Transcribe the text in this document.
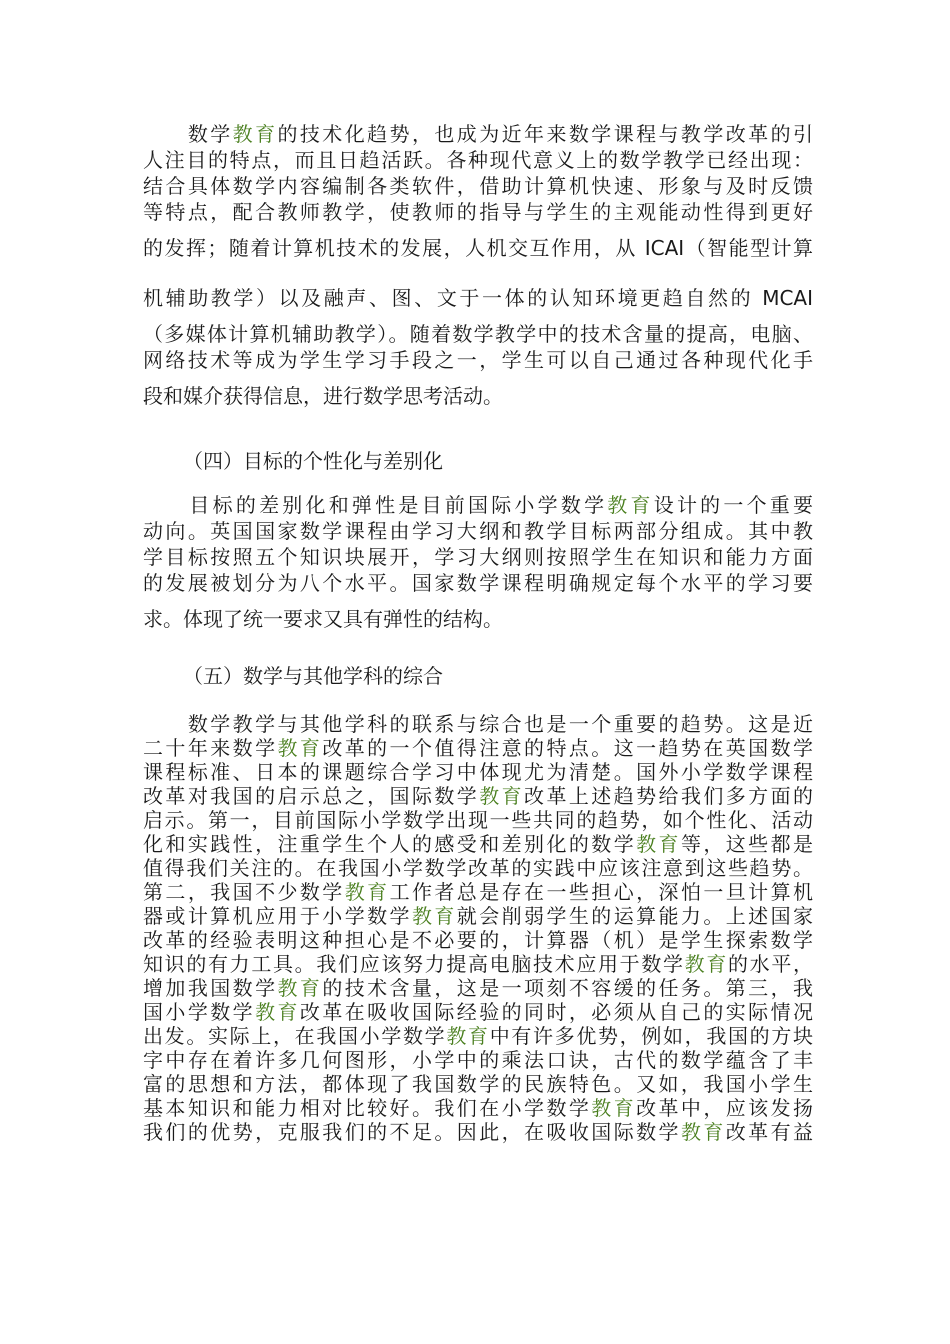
　　数学教育的技术化趋势，也成为近年来数学课程与教学改革的引
人注目的特点，而且日趋活跃。各种现代意义上的数学教学已经出现：
结合具体数学内容编制各类软件，借助计算机快速、形象与及时反馈
等特点，配合教师教学，使教师的指导与学生的主观能动性得到更好
的发挥；随着计算机技术的发展，人机交互作用，从 ICAI（智能型计算
机辅助教学）以及融声、图、文于一体的认知环境更趋自然的 MCAI
（多媒体计算机辅助教学）。随着数学教学中的技术含量的提高，电脑、
网络技术等成为学生学习手段之一，学生可以自己通过各种现代化手
段和媒介获得信息，进行数学思考活动。

（四）目标的个性化与差别化

　　目标的差别化和弹性是目前国际小学数学教育设计的一个重要
动向。英国国家数学课程由学习大纲和教学目标两部分组成。其中教
学目标按照五个知识块展开，学习大纲则按照学生在知识和能力方面
的发展被划分为八个水平。国家数学课程明确规定每个水平的学习要
求。体现了统一要求又具有弹性的结构。

（五）数学与其他学科的综合

　　数学教学与其他学科的联系与综合也是一个重要的趋势。这是近
二十年来数学教育改革的一个值得注意的特点。这一趋势在英国数学
课程标准、日本的课题综合学习中体现尤为清楚。国外小学数学课程
改革对我国的启示总之，国际数学教育改革上述趋势给我们多方面的
启示。第一，目前国际小学数学出现一些共同的趋势，如个性化、活动
化和实践性，注重学生个人的感受和差别化的数学教育等，这些都是
值得我们关注的。在我国小学数学改革的实践中应该注意到这些趋势。
第二，我国不少数学教育工作者总是存在一些担心，深怕一旦计算机
器或计算机应用于小学数学教育就会削弱学生的运算能力。上述国家
改革的经验表明这种担心是不必要的，计算器（机）是学生探索数学
知识的有力工具。我们应该努力提高电脑技术应用于数学教育的水平，
增加我国数学教育的技术含量，这是一项刻不容缓的任务。第三，我
国小学数学教育改革在吸收国际经验的同时，必须从自己的实际情况
出发。实际上，在我国小学数学教育中有许多优势，例如，我国的方块
字中存在着许多几何图形，小学中的乘法口诀，古代的数学蕴含了丰
富的思想和方法，都体现了我国数学的民族特色。又如，我国小学生
基本知识和能力相对比较好。我们在小学数学教育改革中，应该发扬
我们的优势，克服我们的不足。因此，在吸收国际数学教育改革有益
